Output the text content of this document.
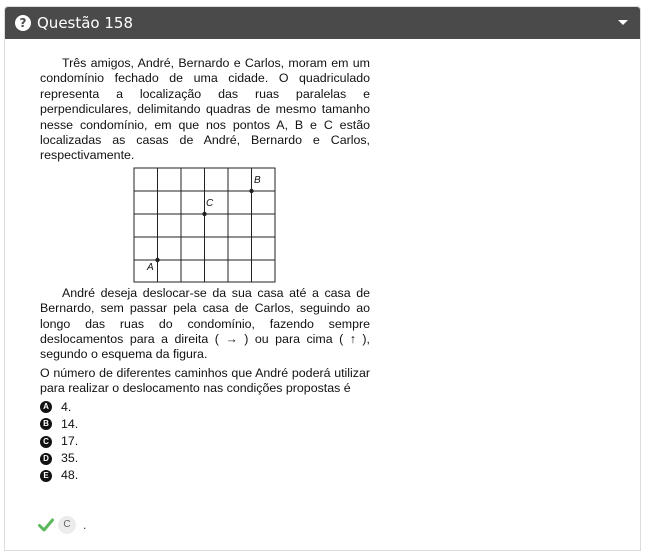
? Questão 158

Três amigos, André, Bernardo e Carlos, moram em um condomínio fechado de uma cidade. O quadriculado representa a localização das ruas paralelas e perpendiculares, delimitando quadras de mesmo tamanho nesse condomínio, em que nos pontos A, B e C estão localizadas as casas de André, Bernardo e Carlos, respectivamente.

A
C
B

André deseja deslocar-se da sua casa até a casa de Bernardo, sem passar pela casa de Carlos, seguindo ao longo das ruas do condomínio, fazendo sempre deslocamentos para a direita ( → ) ou para cima ( ↑ ), segundo o esquema da figura.

O número de diferentes caminhos que André poderá utilizar para realizar o deslocamento nas condições propostas é

A 4.
B 14.
C 17.
D 35.
E 48.
C	.
